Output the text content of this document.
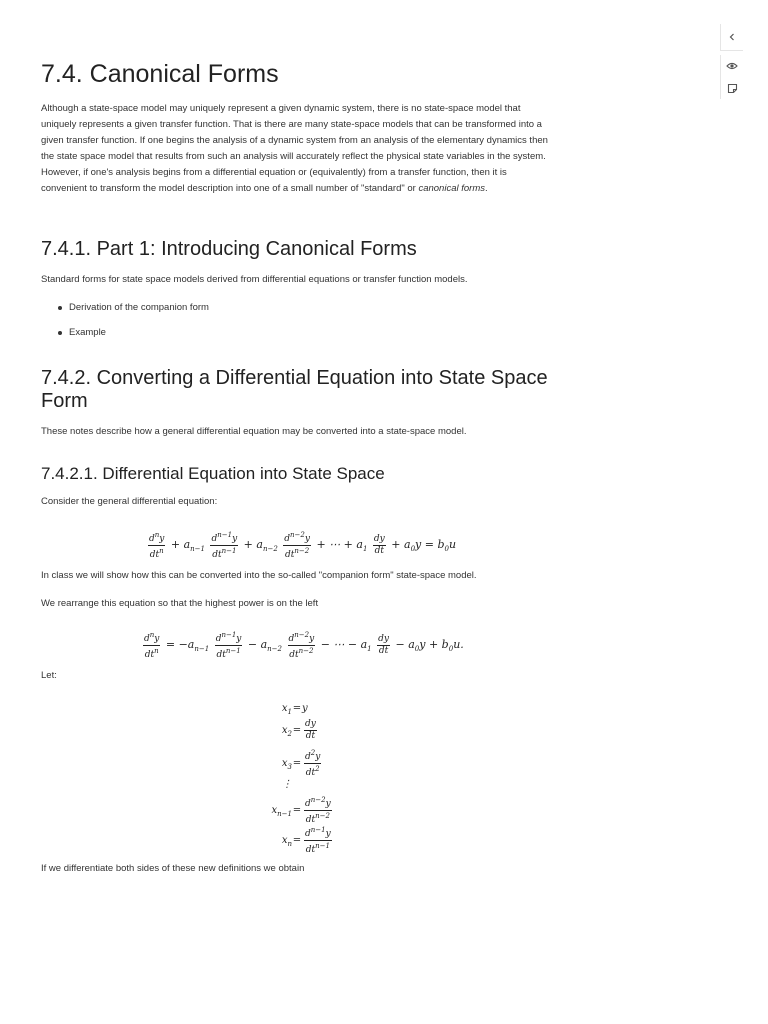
7.4. Canonical Forms

Although a state-space model may uniquely represent a given dynamic system, there is no state-space model that uniquely represents a given transfer function. That is there are many state-space models that can be transformed into a given transfer function. If one begins the analysis of a dynamic system from an analysis of the elementary dynamics then the state space model that results from such an analysis will accurately reflect the physical state variables in the system. However, if one's analysis begins from a differential equation or (equivalently) from a transfer function, then it is convenient to transform the model description into one of a small number of "standard" or canonical forms.

7.4.1. Part 1: Introducing Canonical Forms

Standard forms for state space models derived from differential equations or transfer function models.

Derivation of the companion form
Example
7.4.2. Converting a Differential Equation into State Space Form

These notes describe how a general differential equation may be converted into a state-space model.

7.4.2.1. Differential Equation into State Space

Consider the general differential equation:

In class we will show how this can be converted into the so-called "companion form" state-space model.

We rearrange this equation so that the highest power is on the left

Let:

If we differentiate both sides of these new definitions we obtain

$\frac{d^ny}{dt^n} + a_{n-1} \frac{d^{n-1}y}{dt^{n-1}} + a_{n-2} \frac{d^{n-2}y}{dt^{n-2}}$ + ⋯ + $a_1 \frac{dy}{dt} + a_0y = b_0u$
$\frac{d^ny}{dt^n} = -a_{n-1} \frac{d^{n-1}y}{dt^{n-1}} - a_{n-2} \frac{d^{n-2}y}{dt^{n-2}}$ − ⋯ − $a_1 \frac{dy}{dt} - a_0y + b_0u$.
$x_1=y$
$x_2= \frac{dy}{dt}$
$x_3= \frac{d^2y}{dt^2}$
⋮
$x_{n-1}= \frac{d^{n-2}y}{dt^{n-2}}$
$x_n= \frac{d^{n-1}y}{dt^{n-1}}$
